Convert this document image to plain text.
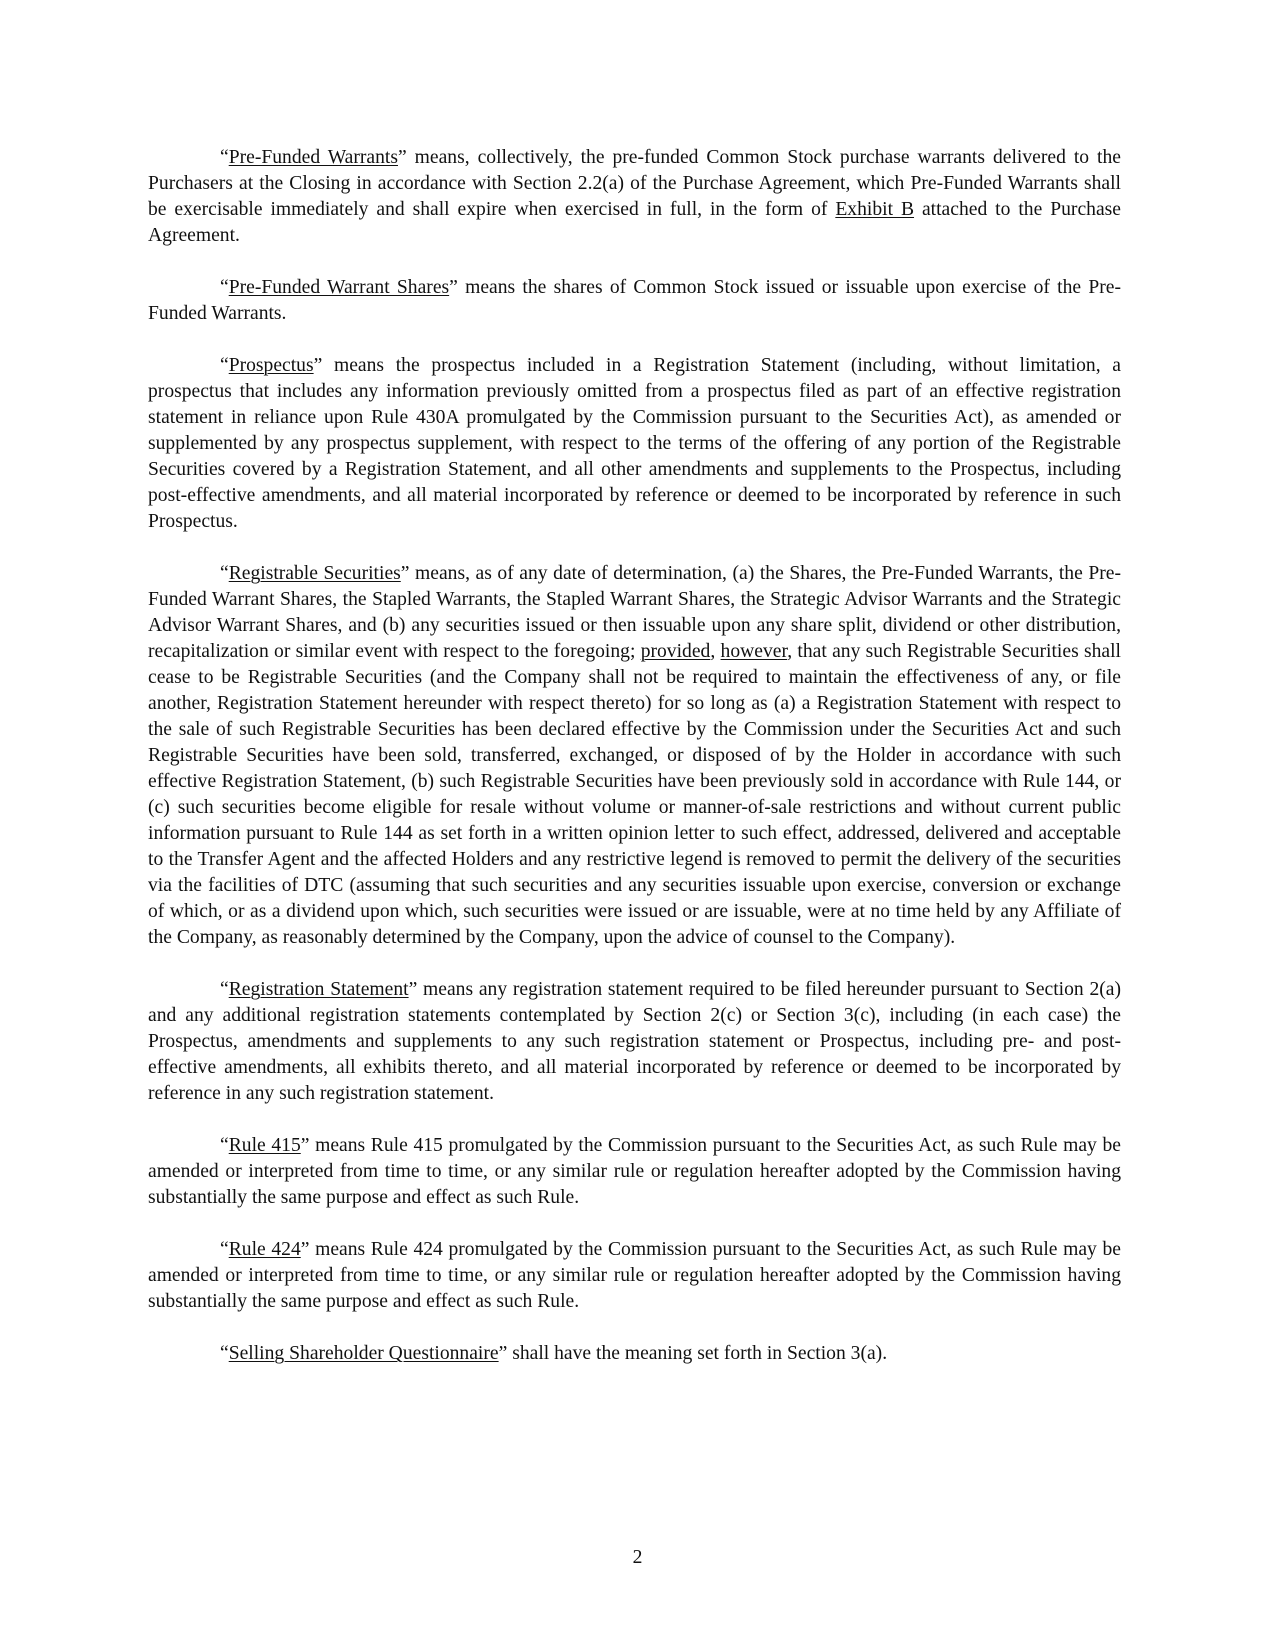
“Pre-Funded Warrants” means, collectively, the pre-funded Common Stock purchase warrants delivered to the Purchasers at the Closing in accordance with Section 2.2(a) of the Purchase Agreement, which Pre-Funded Warrants shall be exercisable immediately and shall expire when exercised in full, in the form of Exhibit B attached to the Purchase Agreement.

“Pre-Funded Warrant Shares” means the shares of Common Stock issued or issuable upon exercise of the Pre-Funded Warrants.

“Prospectus” means the prospectus included in a Registration Statement (including, without limitation, a prospectus that includes any information previously omitted from a prospectus filed as part of an effective registration statement in reliance upon Rule 430A promulgated by the Commission pursuant to the Securities Act), as amended or supplemented by any prospectus supplement, with respect to the terms of the offering of any portion of the Registrable Securities covered by a Registration Statement, and all other amendments and supplements to the Prospectus, including post-effective amendments, and all material incorporated by reference or deemed to be incorporated by reference in such Prospectus.

“Registrable Securities” means, as of any date of determination, (a) the Shares, the Pre-Funded Warrants, the Pre-Funded Warrant Shares, the Stapled Warrants, the Stapled Warrant Shares, the Strategic Advisor Warrants and the Strategic Advisor Warrant Shares, and (b) any securities issued or then issuable upon any share split, dividend or other distribution, recapitalization or similar event with respect to the foregoing; provided, however, that any such Registrable Securities shall cease to be Registrable Securities (and the Company shall not be required to maintain the effectiveness of any, or file another, Registration Statement hereunder with respect thereto) for so long as (a) a Registration Statement with respect to the sale of such Registrable Securities has been declared effective by the Commission under the Securities Act and such Registrable Securities have been sold, transferred, exchanged, or disposed of by the Holder in accordance with such effective Registration Statement, (b) such Registrable Securities have been previously sold in accordance with Rule 144, or (c) such securities become eligible for resale without volume or manner-of-sale restrictions and without current public information pursuant to Rule 144 as set forth in a written opinion letter to such effect, addressed, delivered and acceptable to the Transfer Agent and the affected Holders and any restrictive legend is removed to permit the delivery of the securities via the facilities of DTC (assuming that such securities and any securities issuable upon exercise, conversion or exchange of which, or as a dividend upon which, such securities were issued or are issuable, were at no time held by any Affiliate of the Company, as reasonably determined by the Company, upon the advice of counsel to the Company).

“Registration Statement” means any registration statement required to be filed hereunder pursuant to Section 2(a) and any additional registration statements contemplated by Section 2(c) or Section 3(c), including (in each case) the Prospectus, amendments and supplements to any such registration statement or Prospectus, including pre- and post-effective amendments, all exhibits thereto, and all material incorporated by reference or deemed to be incorporated by reference in any such registration statement.

“Rule 415” means Rule 415 promulgated by the Commission pursuant to the Securities Act, as such Rule may be amended or interpreted from time to time, or any similar rule or regulation hereafter adopted by the Commission having substantially the same purpose and effect as such Rule.

“Rule 424” means Rule 424 promulgated by the Commission pursuant to the Securities Act, as such Rule may be amended or interpreted from time to time, or any similar rule or regulation hereafter adopted by the Commission having substantially the same purpose and effect as such Rule.

“Selling Shareholder Questionnaire” shall have the meaning set forth in Section 3(a).

2
